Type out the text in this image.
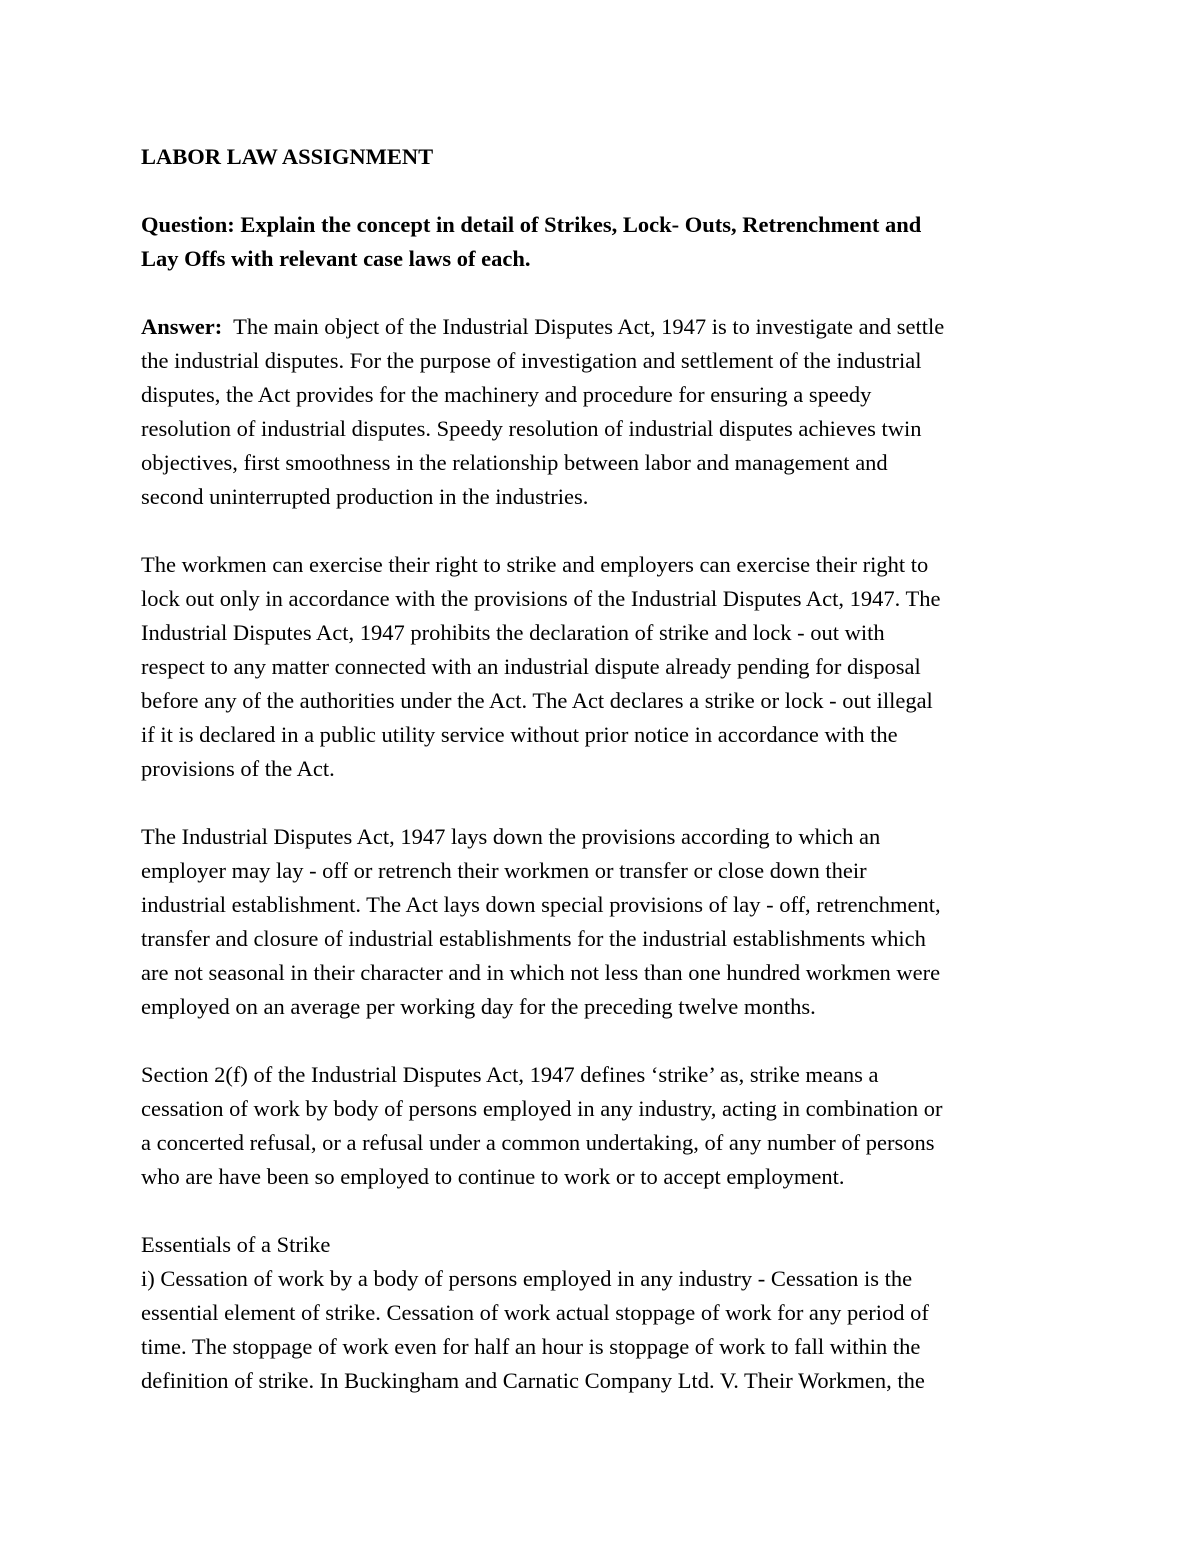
LABOR LAW ASSIGNMENT
Question: Explain the concept in detail of Strikes, Lock- Outs, Retrenchment and
Lay Offs with relevant case laws of each.
Answer:  The main object of the Industrial Disputes Act, 1947 is to investigate and settle
the industrial disputes. For the purpose of investigation and settlement of the industrial
disputes, the Act provides for the machinery and procedure for ensuring a speedy
resolution of industrial disputes. Speedy resolution of industrial disputes achieves twin
objectives, first smoothness in the relationship between labor and management and
second uninterrupted production in the industries.
The workmen can exercise their right to strike and employers can exercise their right to
lock out only in accordance with the provisions of the Industrial Disputes Act, 1947. The
Industrial Disputes Act, 1947 prohibits the declaration of strike and lock - out with
respect to any matter connected with an industrial dispute already pending for disposal
before any of the authorities under the Act. The Act declares a strike or lock - out illegal
if it is declared in a public utility service without prior notice in accordance with the
provisions of the Act.
The Industrial Disputes Act, 1947 lays down the provisions according to which an
employer may lay - off or retrench their workmen or transfer or close down their
industrial establishment. The Act lays down special provisions of lay - off, retrenchment,
transfer and closure of industrial establishments for the industrial establishments which
are not seasonal in their character and in which not less than one hundred workmen were
employed on an average per working day for the preceding twelve months.
Section 2(f) of the Industrial Disputes Act, 1947 defines ‘strike’ as, strike means a
cessation of work by body of persons employed in any industry, acting in combination or
a concerted refusal, or a refusal under a common undertaking, of any number of persons
who are have been so employed to continue to work or to accept employment.
Essentials of a Strike
i) Cessation of work by a body of persons employed in any industry - Cessation is the
essential element of strike. Cessation of work actual stoppage of work for any period of
time. The stoppage of work even for half an hour is stoppage of work to fall within the
definition of strike. In Buckingham and Carnatic Company Ltd. V. Their Workmen, the
